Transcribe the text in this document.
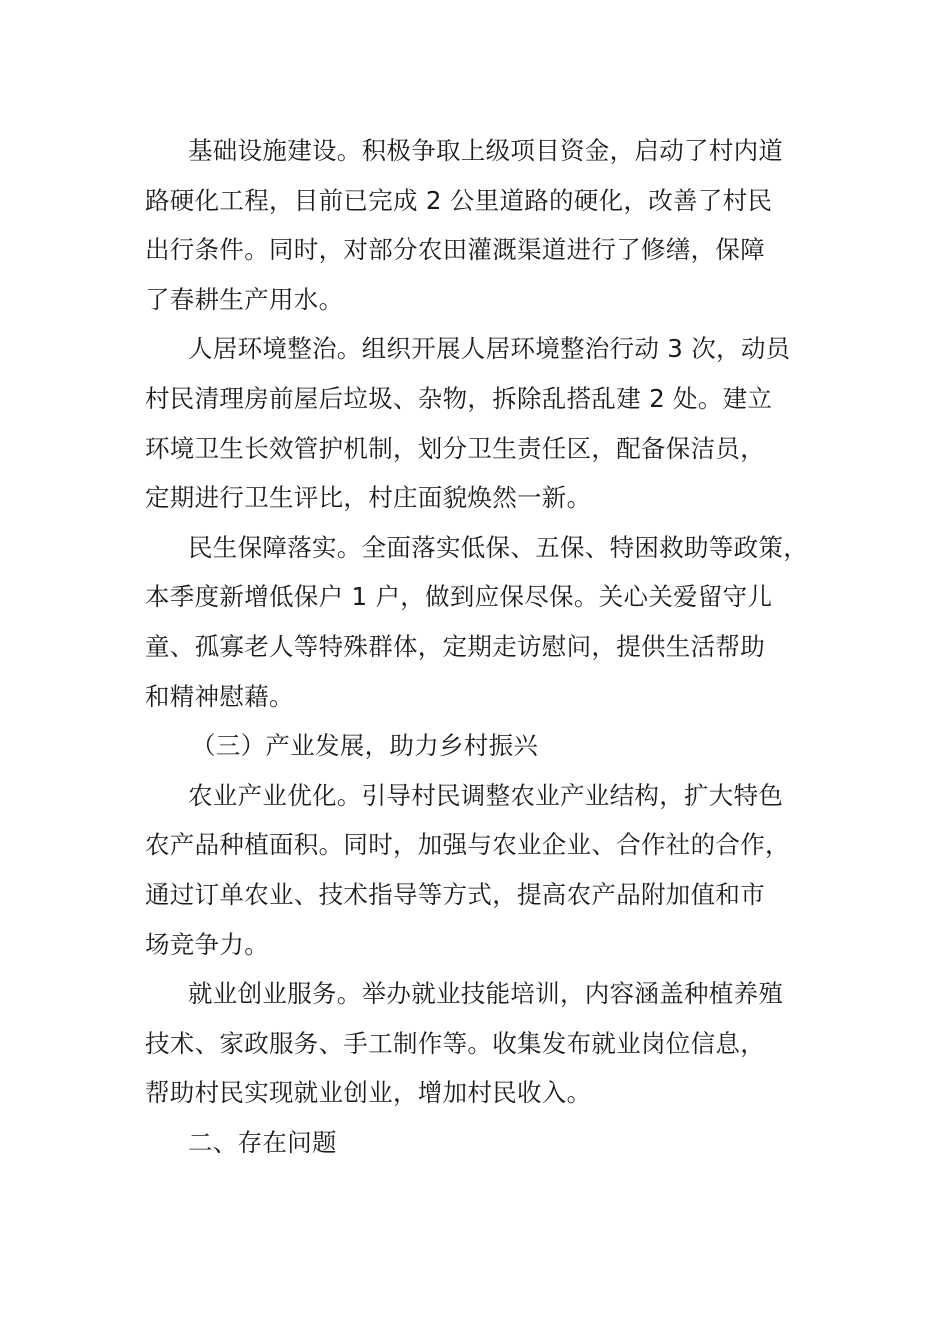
基础设施建设。积极争取上级项目资金，启动了村内道
路硬化工程，目前已完成 2 公里道路的硬化，改善了村民
出行条件。同时，对部分农田灌溉渠道进行了修缮，保障
了春耕生产用水。
人居环境整治。组织开展人居环境整治行动 3 次，动员
村民清理房前屋后垃圾、杂物，拆除乱搭乱建 2 处。建立
环境卫生长效管护机制，划分卫生责任区，配备保洁员，
定期进行卫生评比，村庄面貌焕然一新。
民生保障落实。全面落实低保、五保、特困救助等政策，
本季度新增低保户 1 户，做到应保尽保。关心关爱留守儿
童、孤寡老人等特殊群体，定期走访慰问，提供生活帮助
和精神慰藉。
（三）产业发展，助力乡村振兴
农业产业优化。引导村民调整农业产业结构，扩大特色
农产品种植面积。同时，加强与农业企业、合作社的合作，
通过订单农业、技术指导等方式，提高农产品附加值和市
场竞争力。
就业创业服务。举办就业技能培训，内容涵盖种植养殖
技术、家政服务、手工制作等。收集发布就业岗位信息，
帮助村民实现就业创业，增加村民收入。
二、存在问题
